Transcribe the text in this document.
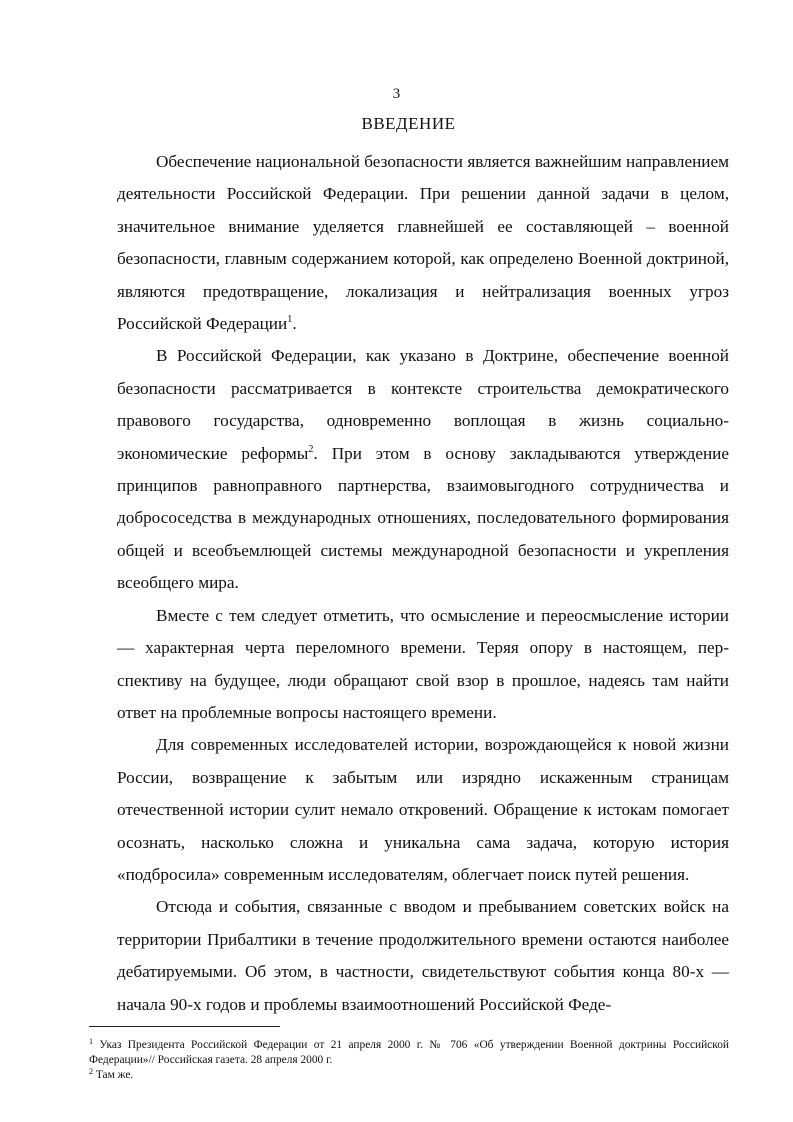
3
ВВЕДЕНИЕ

Обеспечение национальной безопасности является важнейшим направлением деятельности Российской Федерации. При решении данной задачи в целом, значительное внимание уделяется главнейшей ее составляющей – военной безопасности, главным содержанием которой, как определено Военной доктриной, являются предотвращение, локализация и нейтрализация военных угроз Российской Федерации$^1$.

В Российской Федерации, как указано в Доктрине, обеспечение военной безопасности рассматривается в контексте строительства демократического правового государства, одновременно воплощая в жизнь социально-экономические реформы$^2$. При этом в основу закладываются утверждение принципов равноправного партнерства, взаимовыгодного сотрудничества и добрососедства в международных отношениях, последовательного формирования общей и всеобъемлющей системы международной безопасности и укрепления всеобщего мира.

Вместе с тем следует отметить, что осмысление и переосмысление истории — характерная черта переломного времени. Теряя опору в настоящем, перспективу на будущее, люди обращают свой взор в прошлое, надеясь там найти ответ на проблемные вопросы настоящего времени.

Для современных исследователей истории, возрождающейся к новой жизни России, возвращение к забытым или изрядно искаженным страницам отечественной истории сулит немало откровений. Обращение к истокам помогает осознать, насколько сложна и уникальна сама задача, которую история «подбросила» современным исследователям, облегчает поиск путей решения.

Отсюда и события, связанные с вводом и пребыванием советских войск на территории Прибалтики в течение продолжительного времени остаются наиболее дебатируемыми. Об этом, в частности, свидетельствуют события конца 80-х — начала 90-х годов и проблемы взаимоотношений Российской Феде-

$^1$ Указ Президента Российской Федерации от 21 апреля 2000 г. № 706 «Об утверждении Военной доктрины Российской Федерации»// Российская газета. 28 апреля 2000 г.

$^2$ Там же.
